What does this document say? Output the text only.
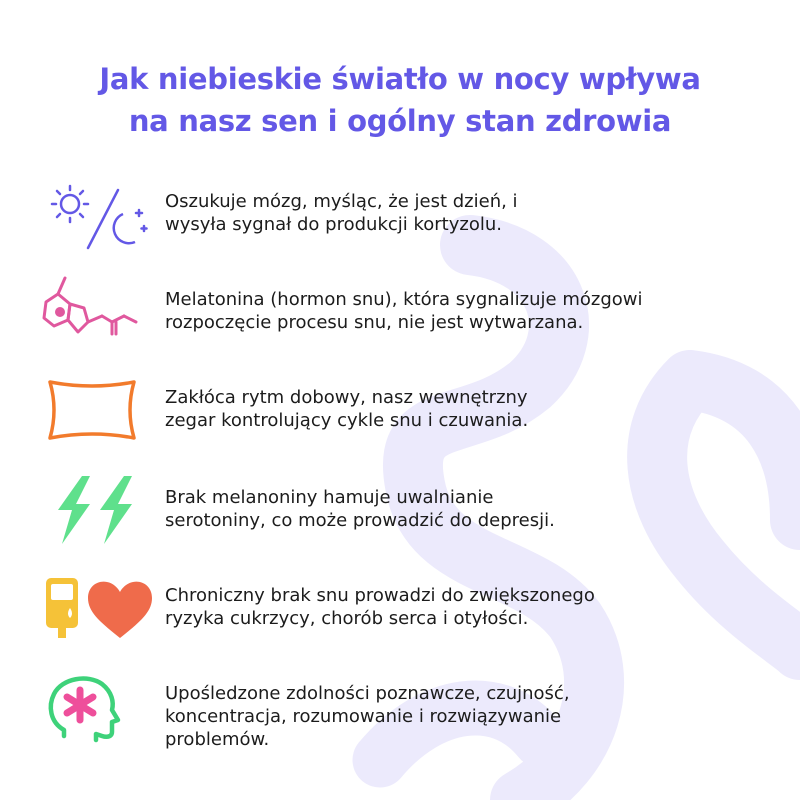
Jak niebieskie światło w nocy wpływa
na nasz sen i ogólny stan zdrowia

Oszukuje mózg, myśląc, że jest dzień, i
wysyła sygnał do produkcji kortyzolu.

Melatonina (hormon snu), która sygnalizuje mózgowi
rozpoczęcie procesu snu, nie jest wytwarzana.

Zakłóca rytm dobowy, nasz wewnętrzny
zegar kontrolujący cykle snu i czuwania.

Brak melanoniny hamuje uwalnianie
serotoniny, co może prowadzić do depresji.

Chroniczny brak snu prowadzi do zwiększonego
ryzyka cukrzycy, chorób serca i otyłości.

Upośledzone zdolności poznawcze, czujność,
koncentracja, rozumowanie i rozwiązywanie
problemów.
